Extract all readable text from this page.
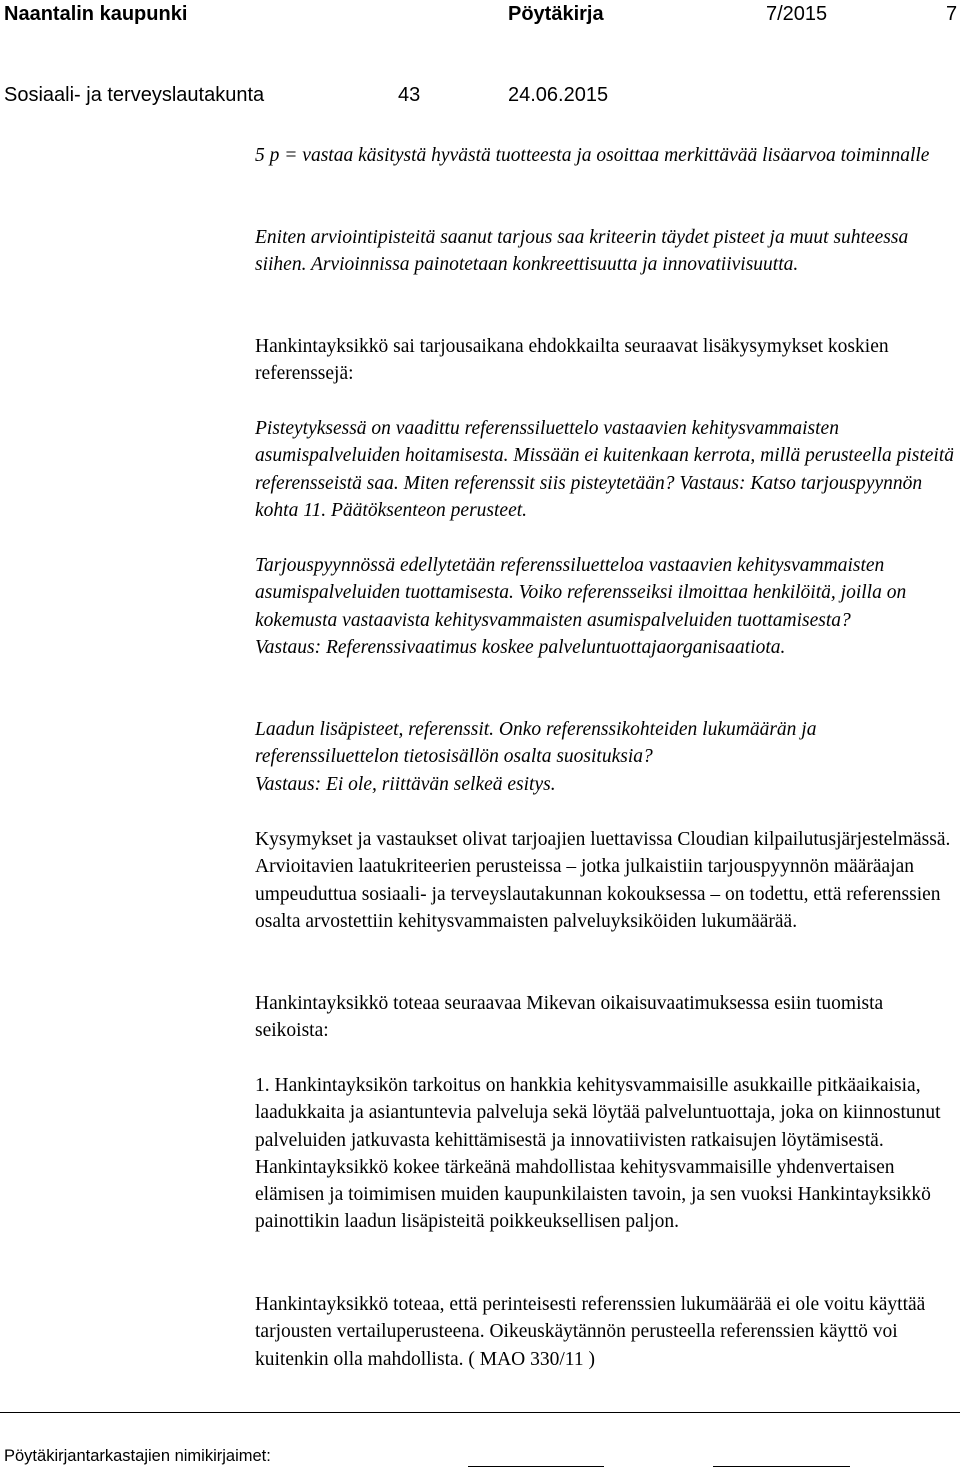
Naantalin kaupunki	Pöytäkirja	7/2015	7
Sosiaali- ja terveyslautakunta	43	24.06.2015

5 p = vastaa käsitystä hyvästä tuotteesta ja osoittaa merkittävää lisäarvoa toiminnalle

Eniten arviointipisteitä saanut tarjous saa kriteerin täydet pisteet ja muut suhteessa siihen. Arvioinnissa painotetaan konkreettisuutta ja innovatiivisuutta.

Hankintayksikkö sai tarjousaikana ehdokkailta seuraavat lisäkysymykset koskien referenssejä:

Pisteytyksessä on vaadittu referenssiluettelo vastaavien kehitysvammaisten asumispalveluiden hoitamisesta. Missään ei kuitenkaan kerrota, millä perusteella pisteitä referensseistä saa. Miten referenssit siis pisteytetään? Vastaus: Katso tarjouspyynnön kohta 11. Päätöksenteon perusteet.

Tarjouspyynnössä edellytetään referenssiluetteloa vastaavien kehitysvammaisten asumispalveluiden tuottamisesta. Voiko referensseiksi ilmoittaa henkilöitä, joilla on kokemusta vastaavista kehitysvammaisten asumispalveluiden tuottamisesta?

Vastaus: Referenssivaatimus koskee palveluntuottajaorganisaatiota.

Laadun lisäpisteet, referenssit. Onko referenssikohteiden lukumäärän ja referenssiluettelon tietosisällön osalta suosituksia?

Vastaus: Ei ole, riittävän selkeä esitys.

Kysymykset ja vastaukset olivat tarjoajien luettavissa Cloudian kilpailutusjärjestelmässä. Arvioitavien laatukriteerien perusteissa – jotka julkaistiin tarjouspyynnön määräajan umpeuduttua sosiaali- ja terveyslautakunnan kokouksessa – on todettu, että referenssien osalta arvostettiin kehitysvammaisten palveluyksiköiden lukumäärää.

Hankintayksikkö toteaa seuraavaa Mikevan oikaisuvaatimuksessa esiin tuomista seikoista:

1. Hankintayksikön tarkoitus on hankkia kehitysvammaisille asukkaille pitkäaikaisia, laadukkaita ja asiantuntevia palveluja sekä löytää palveluntuottaja, joka on kiinnostunut palveluiden jatkuvasta kehittämisestä ja innovatiivisten ratkaisujen löytämisestä. Hankintayksikkö kokee tärkeänä mahdollistaa kehitysvammaisille yhdenvertaisen elämisen ja toimimisen muiden kaupunkilaisten tavoin, ja sen vuoksi Hankintayksikkö painottikin laadun lisäpisteitä poikkeuksellisen paljon.

Hankintayksikkö toteaa, että perinteisesti referenssien lukumäärää ei ole voitu käyttää tarjousten vertailuperusteena. Oikeuskäytännön perusteella referenssien käyttö voi kuitenkin olla mahdollista. ( MAO 330/11 )

Pöytäkirjantarkastajien nimikirjaimet:
